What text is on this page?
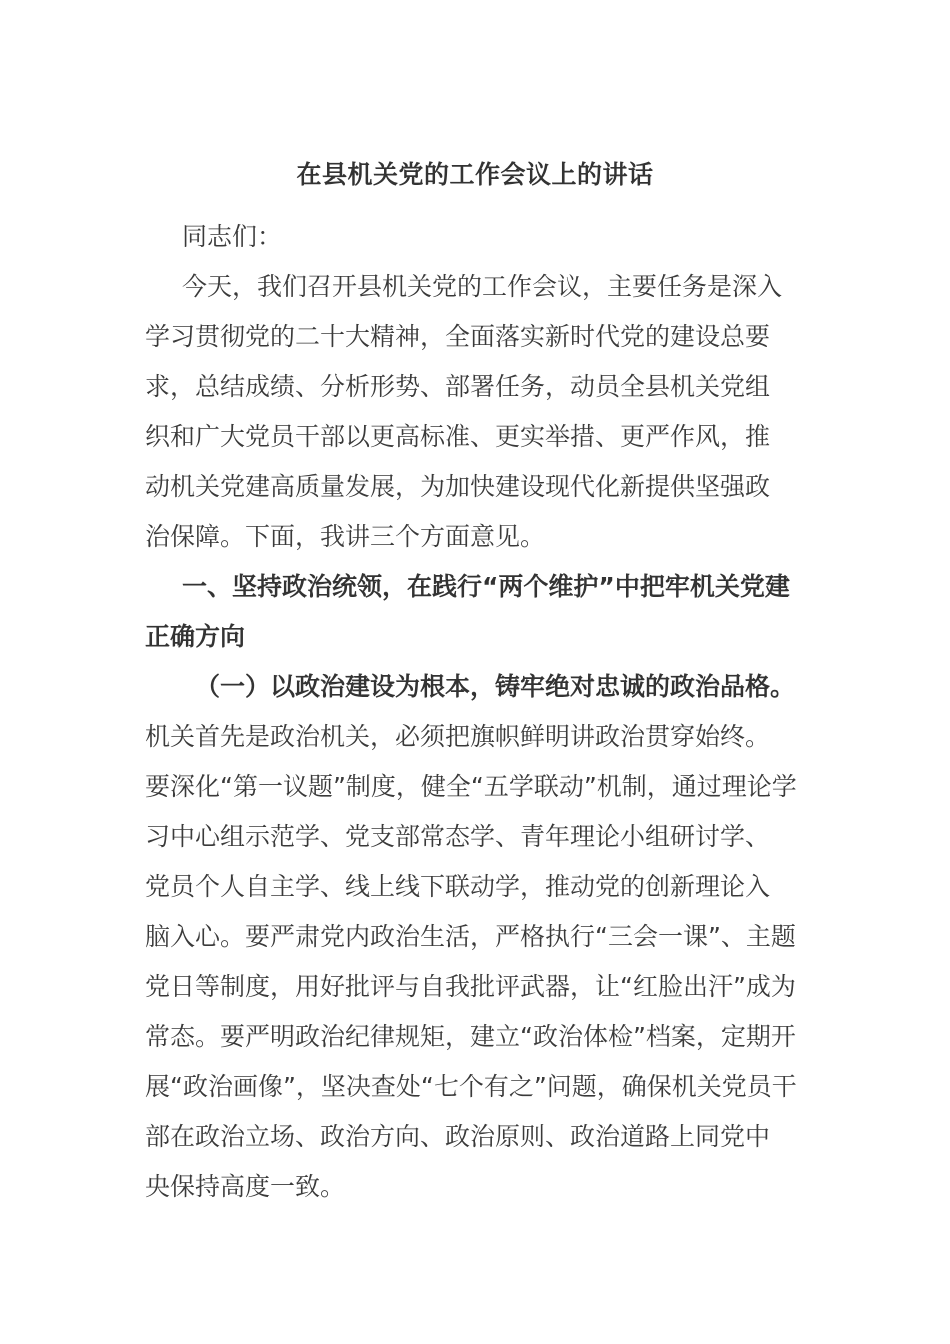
在县机关党的工作会议上的讲话
同志们：
今天，我们召开县机关党的工作会议，主要任务是深入
学习贯彻党的二十大精神，全面落实新时代党的建设总要
求，总结成绩、分析形势、部署任务，动员全县机关党组
织和广大党员干部以更高标准、更实举措、更严作风，推
动机关党建高质量发展，为加快建设现代化新提供坚强政
治保障。下面，我讲三个方面意见。
一、坚持政治统领，在践行“两个维护”中把牢机关党建
正确方向
（一）以政治建设为根本，铸牢绝对忠诚的政治品格。
机关首先是政治机关，必须把旗帜鲜明讲政治贯穿始终。
要深化“第一议题”制度，健全“五学联动”机制，通过理论学
习中心组示范学、党支部常态学、青年理论小组研讨学、
党员个人自主学、线上线下联动学，推动党的创新理论入
脑入心。要严肃党内政治生活，严格执行“三会一课”、主题
党日等制度，用好批评与自我批评武器，让“红脸出汗”成为
常态。要严明政治纪律规矩，建立“政治体检”档案，定期开
展“政治画像”，坚决查处“七个有之”问题，确保机关党员干
部在政治立场、政治方向、政治原则、政治道路上同党中
央保持高度一致。
